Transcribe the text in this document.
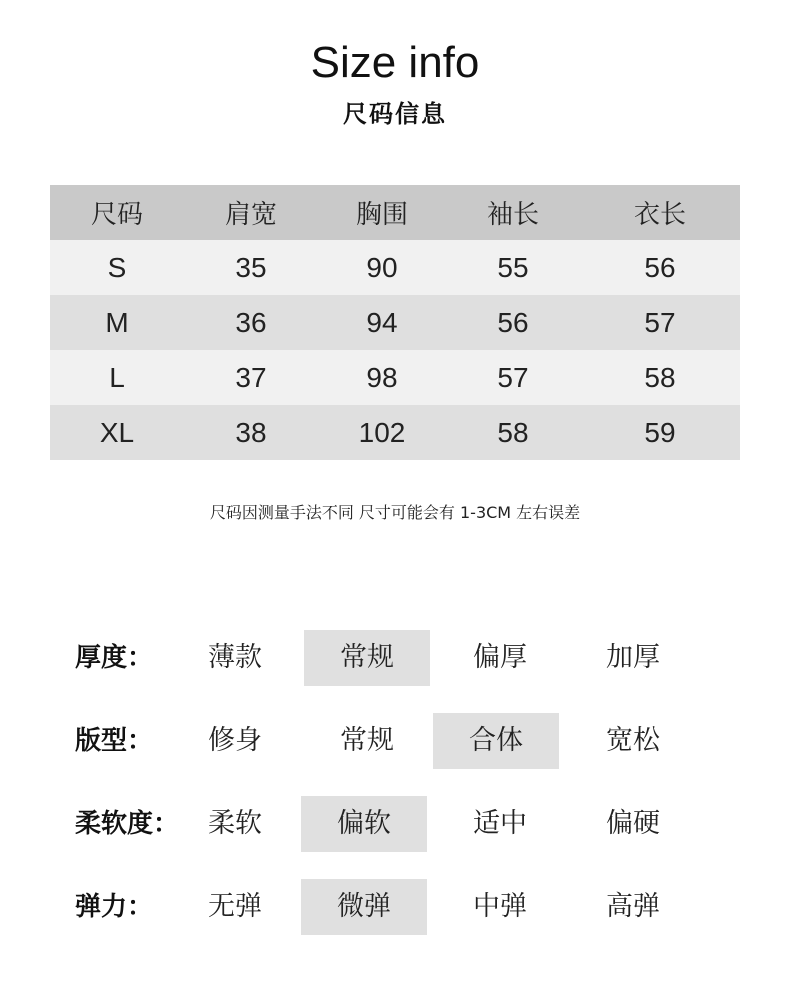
Size info
尺码信息
尺码	肩宽	胸围	袖长	衣长
S	35	90	55	56
M	36	94	56	57
L	37	98	57	58
XL	38	102	58	59
尺码因测量手法不同 尺寸可能会有 1-3CM 左右误差
厚度：	薄款	常规	偏厚	加厚
版型：	修身	常规	合体	宽松
柔软度：	柔软	偏软	适中	偏硬
弹力：	无弹	微弹	中弹	高弹
